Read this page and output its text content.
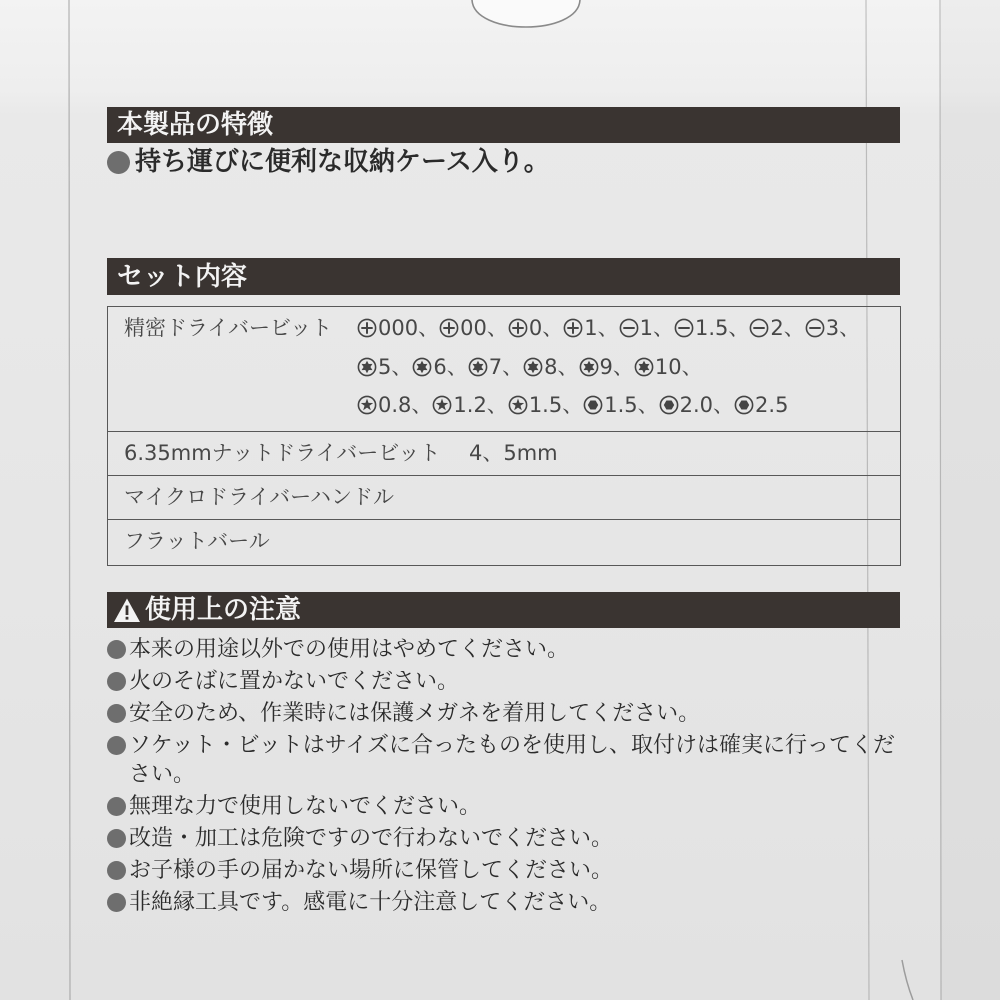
本製品の特徴
持ち運びに便利な収納ケース入り。
セット内容
精密ドライバービット 000、 00、 0、 1、 1、 1.5、 2、 3、
5、 6、 7、 8、 9、 10、
0.8、 1.2、 1.5、 1.5、 2.0、 2.5
6.35mmナットドライバービット 4、5mm
マイクロドライバーハンドル
フラットバール
使用上の注意
本来の用途以外での使用はやめてください。
火のそばに置かないでください。
安全のため、作業時には保護メガネを着用してください。
ソケット・ビットはサイズに合ったものを使用し、取付けは確実に行ってください。
無理な力で使用しないでください。
改造・加工は危険ですので行わないでください。
お子様の手の届かない場所に保管してください。
非絶縁工具です。感電に十分注意してください。
